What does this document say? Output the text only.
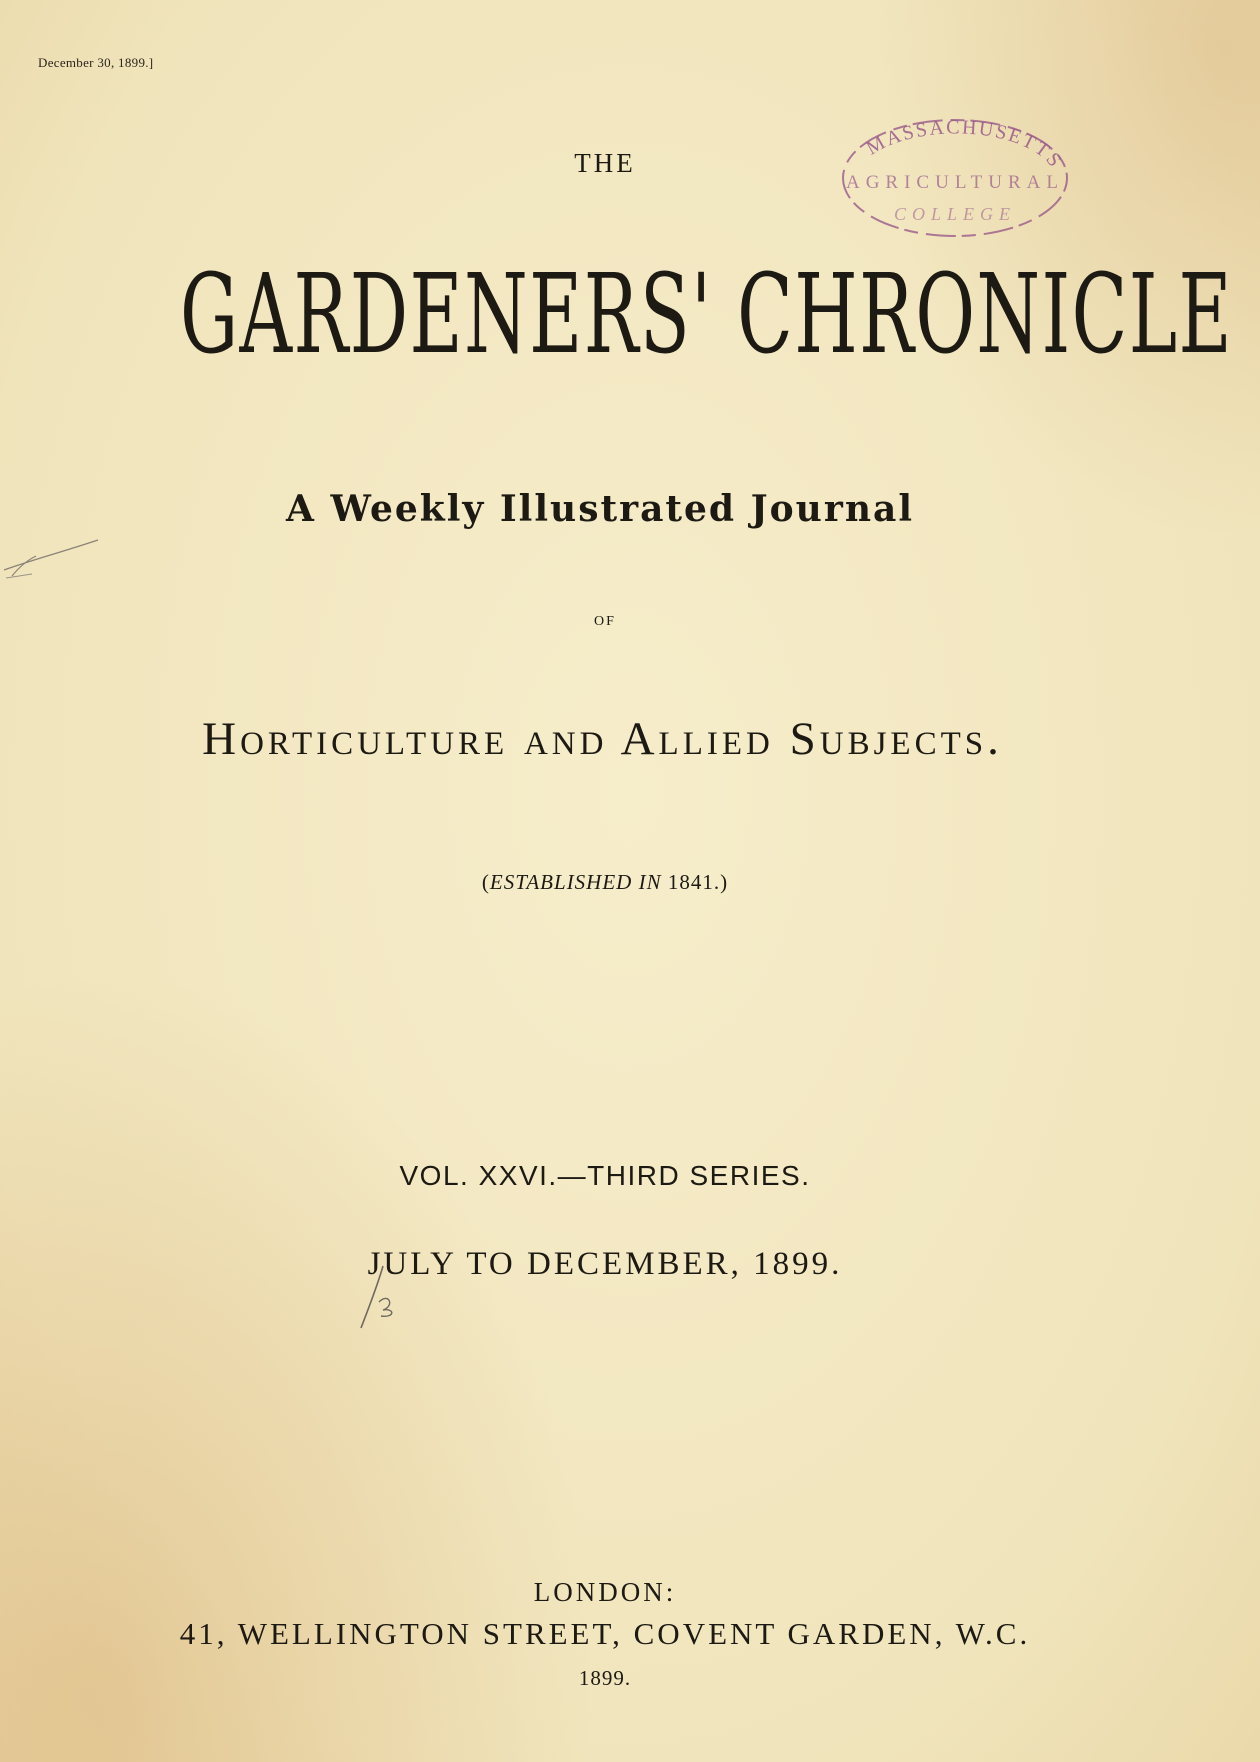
December 30, 1899.]
MASSACHUSETTS
AGRICULTURAL
COLLEGE
THE
GARDENERS' CHRONICLE
A Weekly Illustrated Journal
OF
Horticulture and Allied Subjects.
(ESTABLISHED IN 1841.)
VOL. XXVI.—THIRD SERIES.
JULY TO DECEMBER, 1899.
LONDON:
41, WELLINGTON STREET, COVENT GARDEN, W.C.
1899.
